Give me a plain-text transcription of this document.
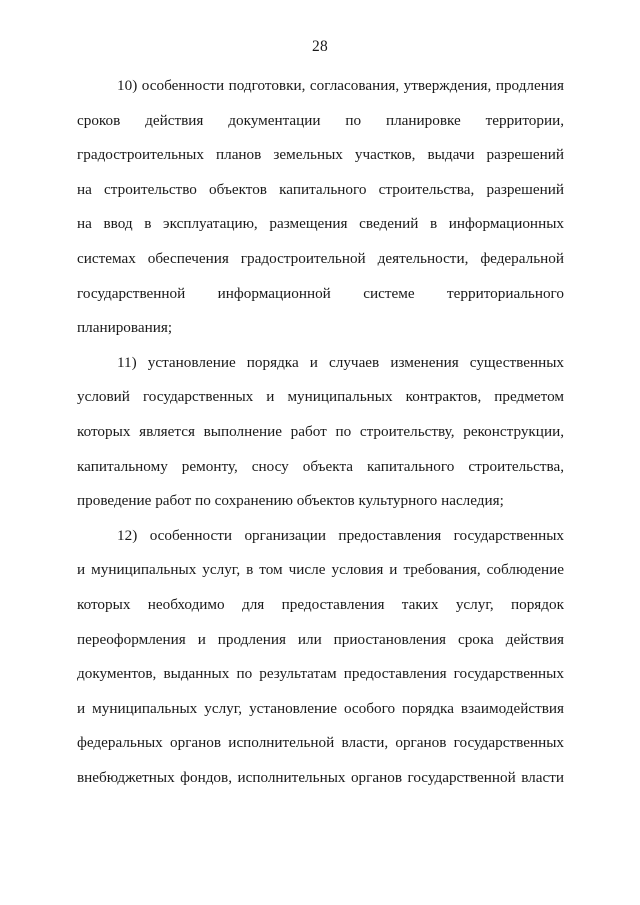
28
10) особенности подготовки, согласования, утверждения, продления
сроков действия документации по планировке территории,
градостроительных планов земельных участков, выдачи разрешений
на строительство объектов капитального строительства, разрешений
на ввод в эксплуатацию, размещения сведений в информационных
системах обеспечения градостроительной деятельности, федеральной
государственной информационной системе территориального
планирования;
11) установление порядка и случаев изменения существенных
условий государственных и муниципальных контрактов, предметом
которых является выполнение работ по строительству, реконструкции,
капитальному ремонту, сносу объекта капитального строительства,
проведение работ по сохранению объектов культурного наследия;
12) особенности организации предоставления государственных
и муниципальных услуг, в том числе условия и требования, соблюдение
которых необходимо для предоставления таких услуг, порядок
переоформления и продления или приостановления срока действия
документов, выданных по результатам предоставления государственных
и муниципальных услуг, установление особого порядка взаимодействия
федеральных органов исполнительной власти, органов государственных
внебюджетных фондов, исполнительных органов государственной власти
